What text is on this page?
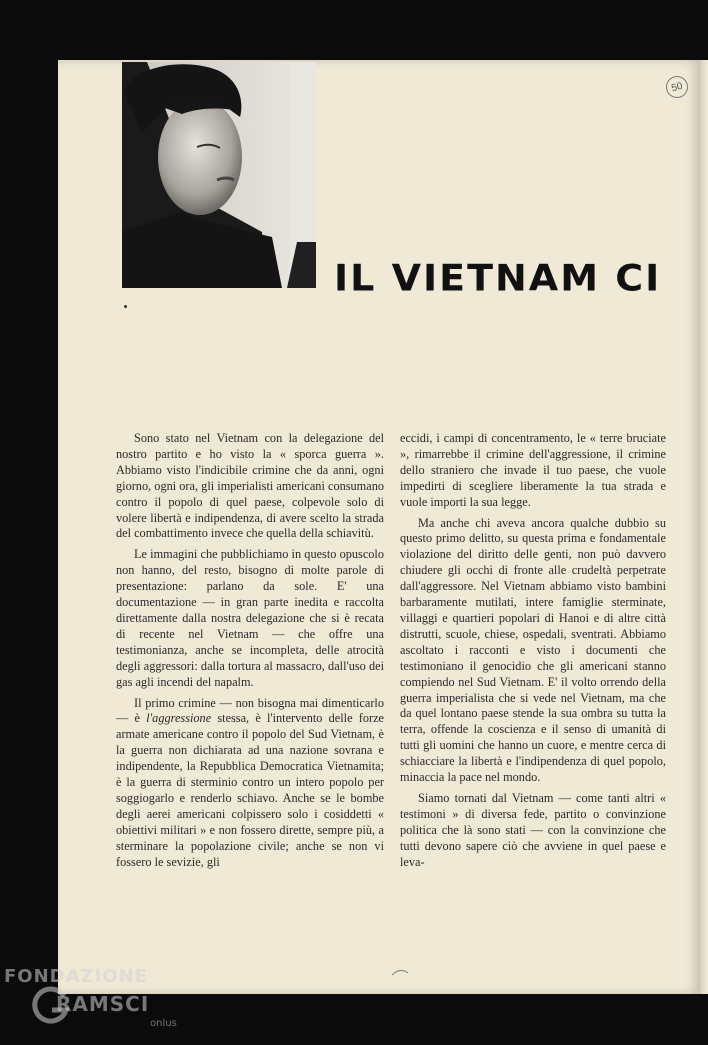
50
IL VIETNAM CI

Sono stato nel Vietnam con la delegazione del nostro partito e ho visto la « sporca guerra ». Abbiamo visto l'indicibile crimine che da anni, ogni giorno, ogni ora, gli imperialisti americani consumano contro il popolo di quel paese, colpevole solo di volere libertà e indipendenza, di avere scelto la strada del combattimento invece che quella della schiavitù.

Le immagini che pubblichiamo in questo opuscolo non hanno, del resto, bisogno di molte parole di presentazione: parlano da sole. E' una documentazione — in gran parte inedita e raccolta direttamente dalla nostra delegazione che si è recata di recente nel Vietnam — che offre una testimonianza, anche se incompleta, delle atrocità degli aggressori: dalla tortura al massacro, dall'uso dei gas agli incendi del napalm.

Il primo crimine — non bisogna mai dimenticarlo — è l'aggressione stessa, è l'intervento delle forze armate americane contro il popolo del Sud Vietnam, è la guerra non dichiarata ad una nazione sovrana e indipendente, la Repubblica Democratica Vietnamita; è la guerra di sterminio contro un intero popolo per soggiogarlo e renderlo schiavo. Anche se le bombe degli aerei americani colpissero solo i cosiddetti « obiettivi militari » e non fossero dirette, sempre più, a sterminare la popolazione civile; anche se non vi fossero le sevizie, gli

eccidi, i campi di concentramento, le « terre bruciate », rimarrebbe il crimine dell'aggressione, il crimine dello straniero che invade il tuo paese, che vuole impedirti di scegliere liberamente la tua strada e vuole importi la sua legge.

Ma anche chi aveva ancora qualche dubbio su questo primo delitto, su questa prima e fondamentale violazione del diritto delle genti, non può davvero chiudere gli occhi di fronte alle crudeltà perpetrate dall'aggressore. Nel Vietnam abbiamo visto bambini barbaramente mutilati, intere famiglie sterminate, villaggi e quartieri popolari di Hanoi e di altre città distrutti, scuole, chiese, ospedali, sventrati. Abbiamo ascoltato i racconti e visto i documenti che testimoniano il genocidio che gli americani stanno compiendo nel Sud Vietnam. E' il volto orrendo della guerra imperialista che si vede nel Vietnam, ma che da quel lontano paese stende la sua ombra su tutta la terra, offende la coscienza e il senso di umanità di tutti gli uomini che hanno un cuore, e mentre cerca di schiacciare la libertà e l'indipendenza di quel popolo, minaccia la pace nel mondo.

Siamo tornati dal Vietnam — come tanti altri « testimoni » di diversa fede, partito o convinzione politica che là sono stati — con la convinzione che tutti devono sapere ciò che avviene in quel paese e leva-

FONDAZIONE
RAMSCI
onlus
